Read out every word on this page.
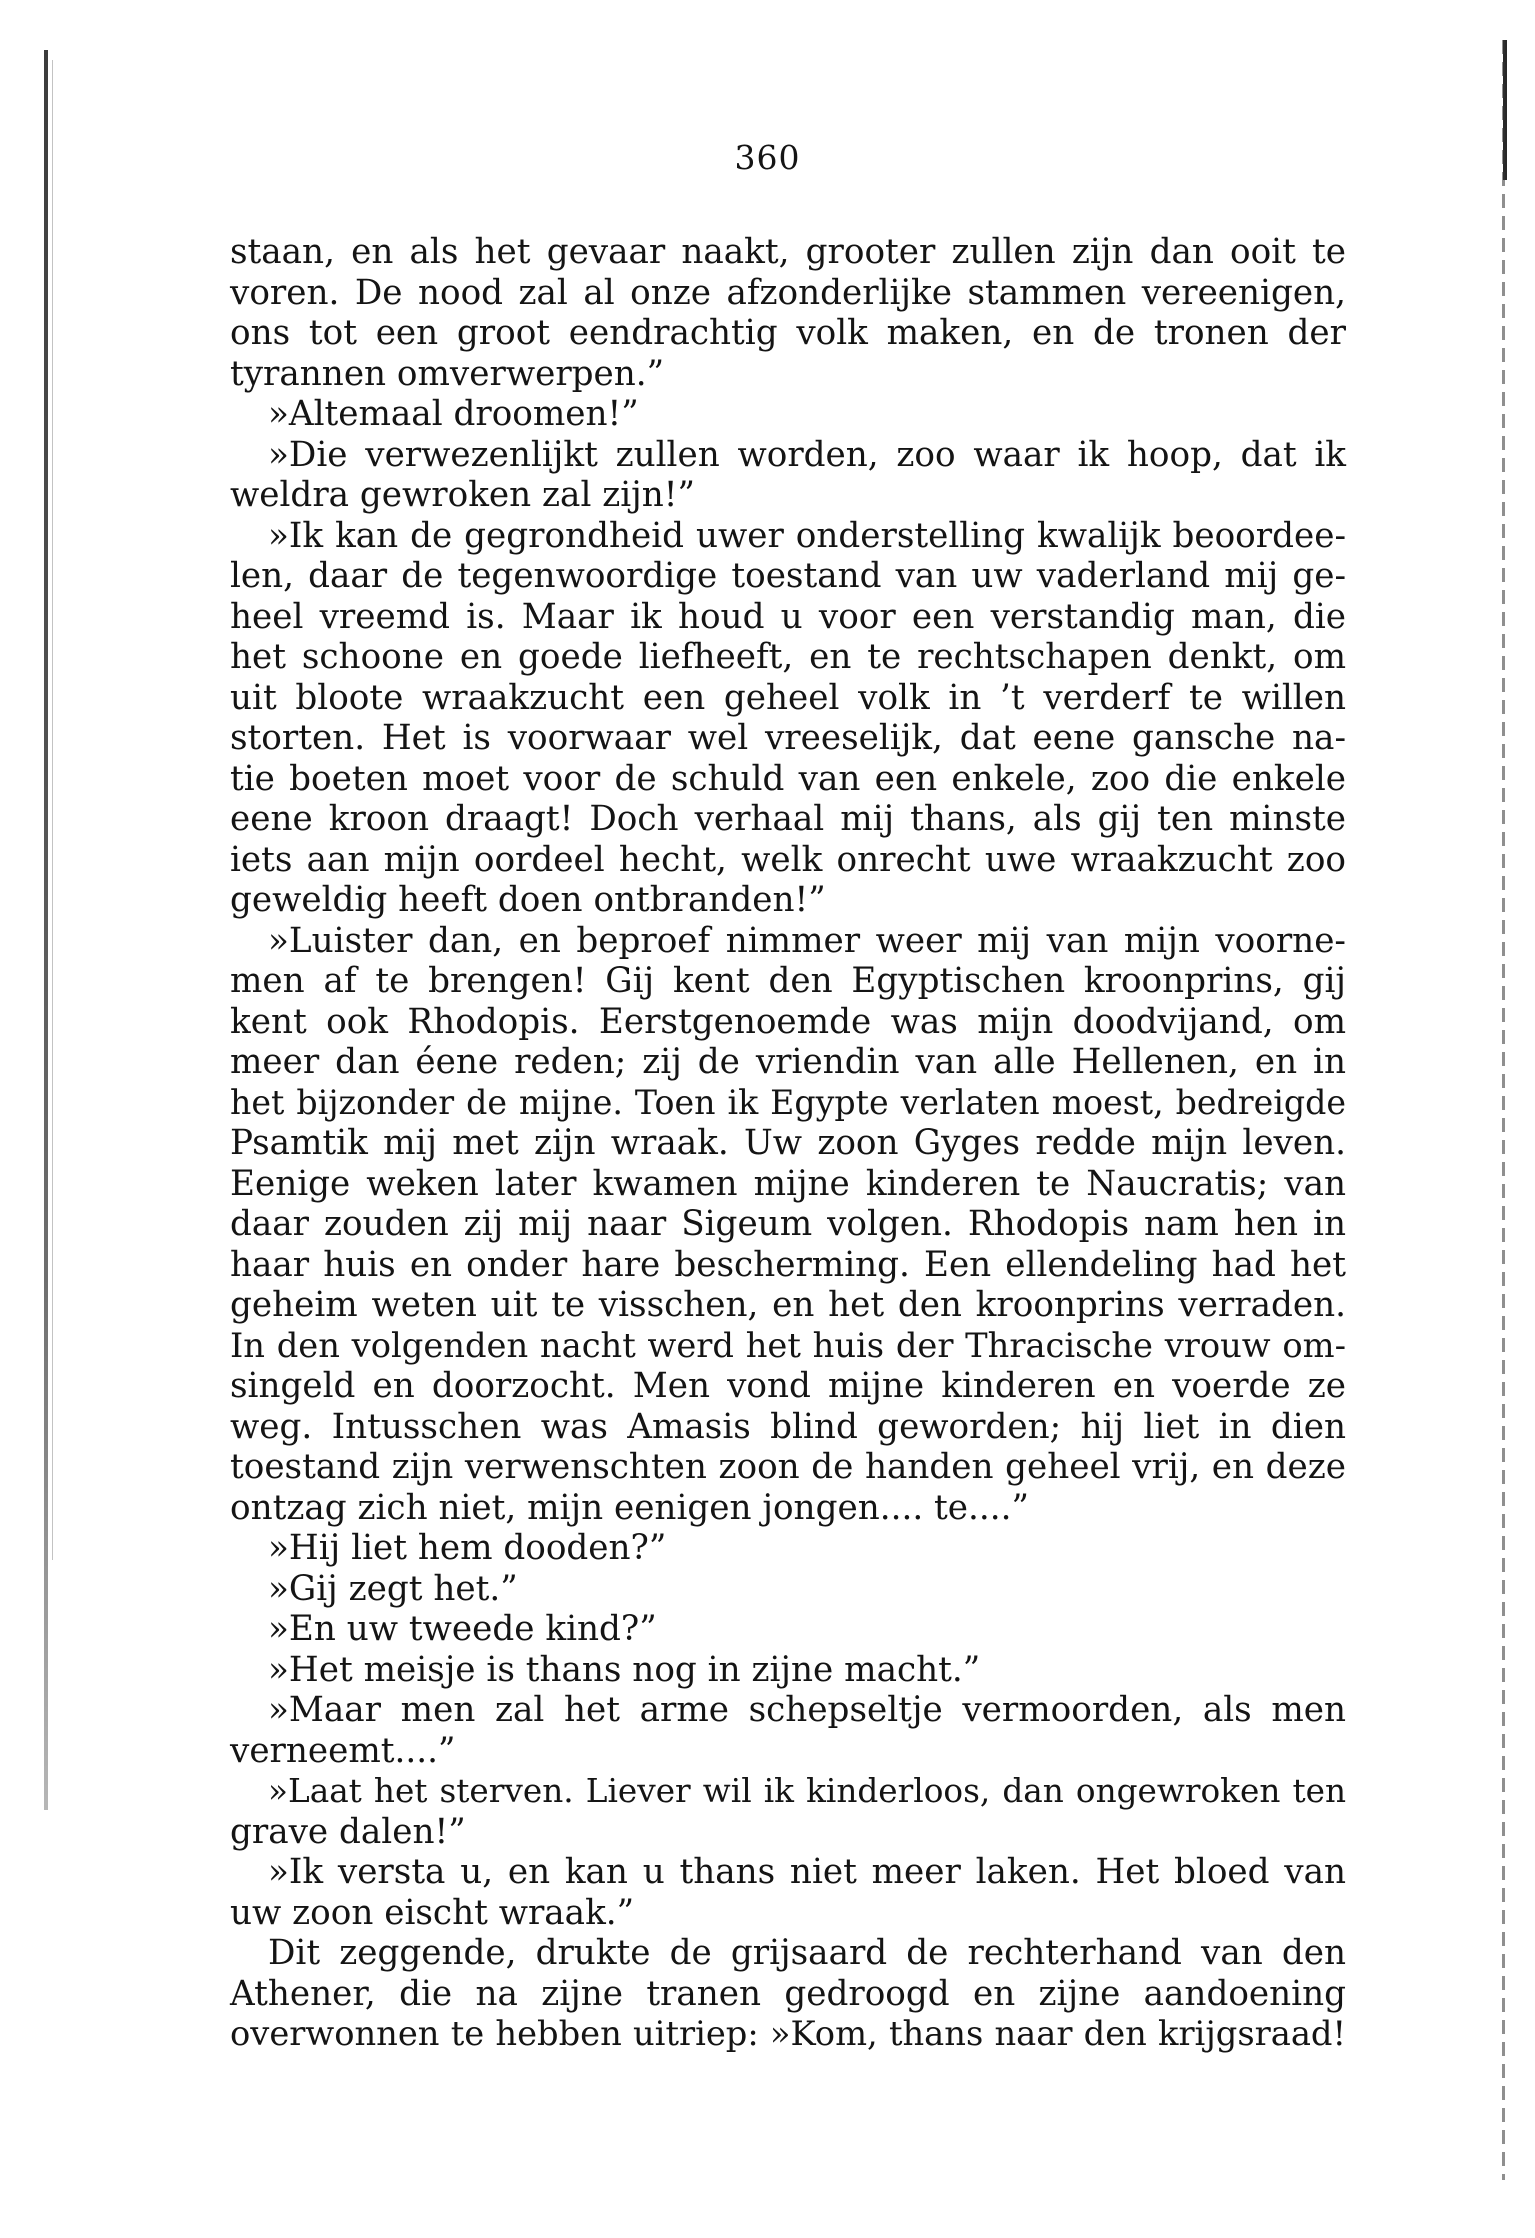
360
staan, en als het gevaar naakt, grooter zullen zijn dan ooit te
voren. De nood zal al onze afzonderlijke stammen vereenigen,
ons tot een groot eendrachtig volk maken, en de tronen der
tyrannen omverwerpen.”
»Altemaal droomen!”
»Die verwezenlijkt zullen worden, zoo waar ik hoop, dat ik
weldra gewroken zal zijn!”
»Ik kan de gegrondheid uwer onderstelling kwalijk beoordee-
len, daar de tegenwoordige toestand van uw vaderland mij ge-
heel vreemd is. Maar ik houd u voor een verstandig man, die
het schoone en goede liefheeft, en te rechtschapen denkt, om
uit bloote wraakzucht een geheel volk in ’t verderf te willen
storten. Het is voorwaar wel vreeselijk, dat eene gansche na-
tie boeten moet voor de schuld van een enkele, zoo die enkele
eene kroon draagt! Doch verhaal mij thans, als gij ten minste
iets aan mijn oordeel hecht, welk onrecht uwe wraakzucht zoo
geweldig heeft doen ontbranden!”
»Luister dan, en beproef nimmer weer mij van mijn voorne-
men af te brengen! Gij kent den Egyptischen kroonprins, gij
kent ook Rhodopis. Eerstgenoemde was mijn doodvijand, om
meer dan éene reden; zij de vriendin van alle Hellenen, en in
het bijzonder de mijne. Toen ik Egypte verlaten moest, bedreigde
Psamtik mij met zijn wraak. Uw zoon Gyges redde mijn leven.
Eenige weken later kwamen mijne kinderen te Naucratis; van
daar zouden zij mij naar Sigeum volgen. Rhodopis nam hen in
haar huis en onder hare bescherming. Een ellendeling had het
geheim weten uit te visschen, en het den kroonprins verraden.
In den volgenden nacht werd het huis der Thracische vrouw om-
singeld en doorzocht. Men vond mijne kinderen en voerde ze
weg. Intusschen was Amasis blind geworden; hij liet in dien
toestand zijn verwenschten zoon de handen geheel vrij, en deze
ontzag zich niet, mijn eenigen jongen.... te....”
»Hij liet hem dooden?”
»Gij zegt het.”
»En uw tweede kind?”
»Het meisje is thans nog in zijne macht.”
»Maar men zal het arme schepseltje vermoorden, als men
verneemt....”
»Laat het sterven. Liever wil ik kinderloos, dan ongewroken ten
grave dalen!”
»Ik versta u, en kan u thans niet meer laken. Het bloed van
uw zoon eischt wraak.”
Dit zeggende, drukte de grijsaard de rechterhand van den
Athener, die na zijne tranen gedroogd en zijne aandoening
overwonnen te hebben uitriep: »Kom, thans naar den krijgsraad!
